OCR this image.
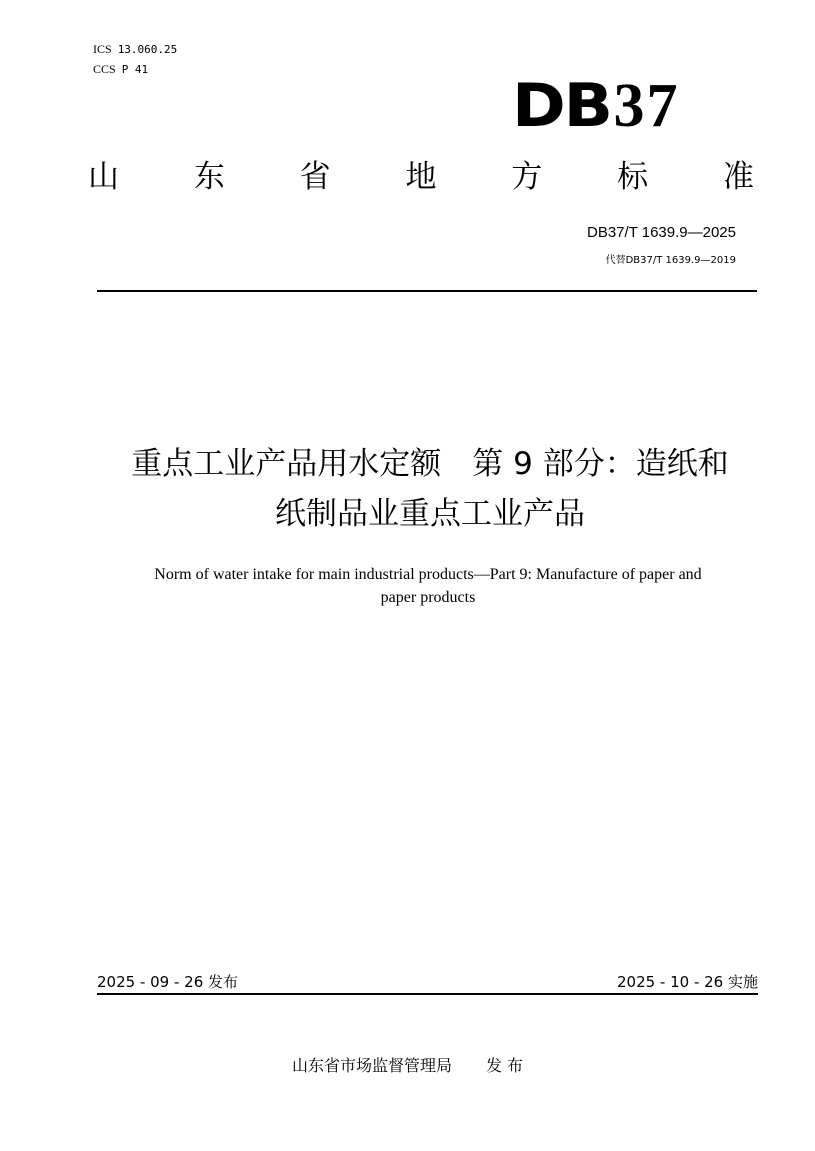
ICS 13.060.25
CCS P 41
DB 37
山 东 省 地 方 标 准
DB37/T 1639.9—2025
代替DB37/T 1639.9—2019
重点工业产品用水定额　第 9 部分：造纸和
纸制品业重点工业产品
Norm of water intake for main industrial products—Part 9: Manufacture of paper and
paper products
2025 - 09 - 26 发布	2025 - 10 - 26 实施
山东省市场监督管理局 发 布
